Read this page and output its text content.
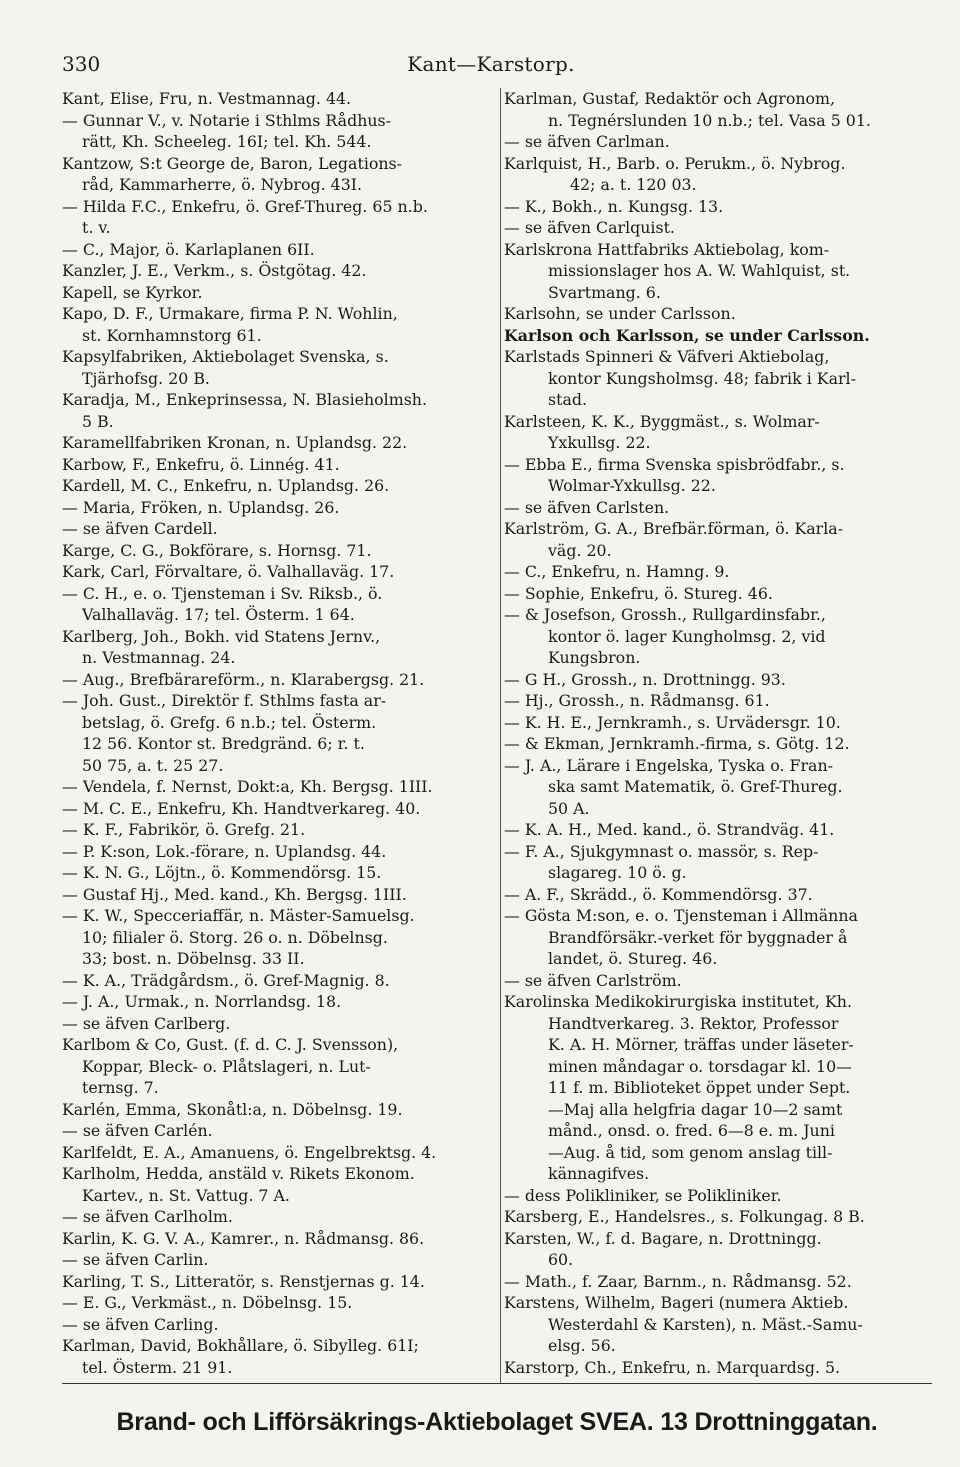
330	Kant—Karstorp.
Kant, Elise, Fru, n. Vestmannag. 44.
— Gunnar V., v. Notarie i Sthlms Rådhus-
rätt, Kh. Scheeleg. 16I; tel. Kh. 544.
Kantzow, S:t George de, Baron, Legations-
råd, Kammarherre, ö. Nybrog. 43I.
— Hilda F.C., Enkefru, ö. Gref-Thureg. 65 n.b.
t. v.
— C., Major, ö. Karlaplanen 6II.
Kanzler, J. E., Verkm., s. Östgötag. 42.
Kapell, se Kyrkor.
Kapo, D. F., Urmakare, firma P. N. Wohlin,
st. Kornhamnstorg 61.
Kapsylfabriken, Aktiebolaget Svenska, s.
Tjärhofsg. 20 B.
Karadja, M., Enkeprinsessa, N. Blasieholmsh.
5 B.
Karamellfabriken Kronan, n. Uplandsg. 22.
Karbow, F., Enkefru, ö. Linnég. 41.
Kardell, M. C., Enkefru, n. Uplandsg. 26.
— Maria, Fröken, n. Uplandsg. 26.
— se äfven Cardell.
Karge, C. G., Bokförare, s. Hornsg. 71.
Kark, Carl, Förvaltare, ö. Valhallaväg. 17.
— C. H., e. o. Tjensteman i Sv. Riksb., ö.
Valhallaväg. 17; tel. Österm. 1 64.
Karlberg, Joh., Bokh. vid Statens Jernv.,
n. Vestmannag. 24.
— Aug., Brefbärareförm., n. Klarabergsg. 21.
— Joh. Gust., Direktör f. Sthlms fasta ar-
betslag, ö. Grefg. 6 n.b.; tel. Österm.
12 56. Kontor st. Bredgränd. 6; r. t.
50 75, a. t. 25 27.
— Vendela, f. Nernst, Dokt:a, Kh. Bergsg. 1III.
— M. C. E., Enkefru, Kh. Handtverkareg. 40.
— K. F., Fabrikör, ö. Grefg. 21.
— P. K:son, Lok.-förare, n. Uplandsg. 44.
— K. N. G., Löjtn., ö. Kommendörsg. 15.
— Gustaf Hj., Med. kand., Kh. Bergsg. 1III.
— K. W., Specceriaffär, n. Mäster-Samuelsg.
10; filialer ö. Storg. 26 o. n. Döbelnsg.
33; bost. n. Döbelnsg. 33 II.
— K. A., Trädgårdsm., ö. Gref-Magnig. 8.
— J. A., Urmak., n. Norrlandsg. 18.
— se äfven Carlberg.
Karlbom & Co, Gust. (f. d. C. J. Svensson),
Koppar, Bleck- o. Plåtslageri, n. Lut-
ternsg. 7.
Karlén, Emma, Skonåtl:a, n. Döbelnsg. 19.
— se äfven Carlén.
Karlfeldt, E. A., Amanuens, ö. Engelbrektsg. 4.
Karlholm, Hedda, anstäld v. Rikets Ekonom.
Kartev., n. St. Vattug. 7 A.
— se äfven Carlholm.
Karlin, K. G. V. A., Kamrer., n. Rådmansg. 86.
— se äfven Carlin.
Karling, T. S., Litteratör, s. Renstjernas g. 14.
— E. G., Verkmäst., n. Döbelnsg. 15.
— se äfven Carling.
Karlman, David, Bokhållare, ö. Sibylleg. 61I;
tel. Österm. 21 91.
Karlman, Gustaf, Redaktör och Agronom,
n. Tegnérslunden 10 n.b.; tel. Vasa 5 01.
— se äfven Carlman.
Karlquist, H., Barb. o. Perukm., ö. Nybrog.
42; a. t. 120 03.
— K., Bokh., n. Kungsg. 13.
— se äfven Carlquist.
Karlskrona Hattfabriks Aktiebolag, kom-
missionslager hos A. W. Wahlquist, st.
Svartmang. 6.
Karlsohn, se under Carlsson.
Karlson och Karlsson, se under Carlsson.
Karlstads Spinneri & Väfveri Aktiebolag,
kontor Kungsholmsg. 48; fabrik i Karl-
stad.
Karlsteen, K. K., Byggmäst., s. Wolmar-
Yxkullsg. 22.
— Ebba E., firma Svenska spisbrödfabr., s.
Wolmar-Yxkullsg. 22.
— se äfven Carlsten.
Karlström, G. A., Brefbär.förman, ö. Karla-
väg. 20.
— C., Enkefru, n. Hamng. 9.
— Sophie, Enkefru, ö. Stureg. 46.
— & Josefson, Grossh., Rullgardinsfabr.,
kontor ö. lager Kungholmsg. 2, vid
Kungsbron.
— G H., Grossh., n. Drottningg. 93.
— Hj., Grossh., n. Rådmansg. 61.
— K. H. E., Jernkramh., s. Urvädersgr. 10.
— & Ekman, Jernkramh.-firma, s. Götg. 12.
— J. A., Lärare i Engelska, Tyska o. Fran-
ska samt Matematik, ö. Gref-Thureg.
50 A.
— K. A. H., Med. kand., ö. Strandväg. 41.
— F. A., Sjukgymnast o. massör, s. Rep-
slagareg. 10 ö. g.
— A. F., Skrädd., ö. Kommendörsg. 37.
— Gösta M:son, e. o. Tjensteman i Allmänna
Brandförsäkr.-verket för byggnader å
landet, ö. Stureg. 46.
— se äfven Carlström.
Karolinska Medikokirurgiska institutet, Kh.
Handtverkareg. 3. Rektor, Professor
K. A. H. Mörner, träffas under läseter-
minen måndagar o. torsdagar kl. 10—
11 f. m. Biblioteket öppet under Sept.
—Maj alla helgfria dagar 10—2 samt
månd., onsd. o. fred. 6—8 e. m. Juni
—Aug. å tid, som genom anslag till-
kännagifves.
— dess Polikliniker, se Polikliniker.
Karsberg, E., Handelsres., s. Folkungag. 8 B.
Karsten, W., f. d. Bagare, n. Drottningg.
60.
— Math., f. Zaar, Barnm., n. Rådmansg. 52.
Karstens, Wilhelm, Bageri (numera Aktieb.
Westerdahl & Karsten), n. Mäst.-Samu-
elsg. 56.
Karstorp, Ch., Enkefru, n. Marquardsg. 5.
Brand- och Lifförsäkrings-Aktiebolaget SVEA. 13 Drottninggatan.
